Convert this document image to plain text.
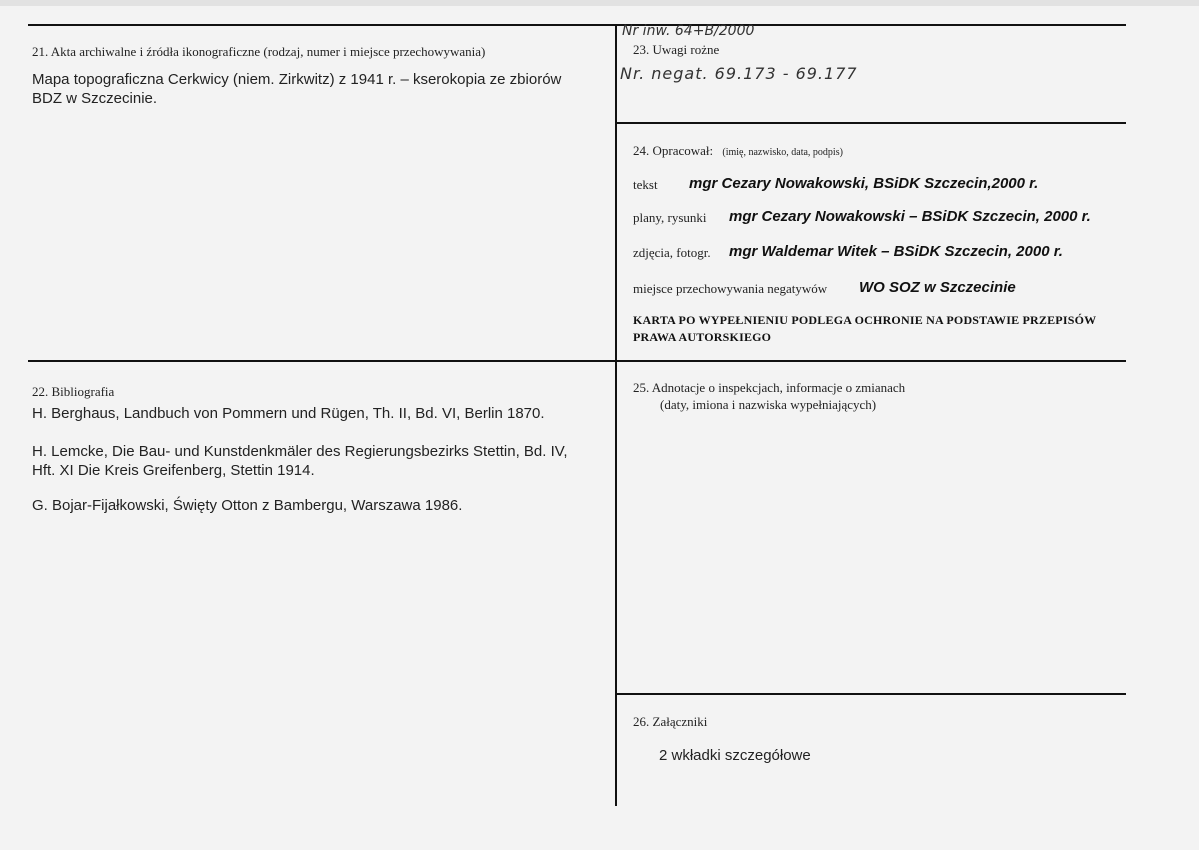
Nr inw. 64+B/2000
21. Akta archiwalne i źródła ikonograficzne (rodzaj, numer i miejsce przechowywania)
Mapa topograficzna Cerkwicy (niem. Zirkwitz) z 1941 r. – kserokopia ze zbiorów
BDZ w Szczecinie.
23. Uwagi rożne
Nr. negat. 69.173 - 69.177
24. Opracował: (imię, nazwisko, data, podpis)
tekst mgr Cezary Nowakowski, BSiDK Szczecin,2000 r.
plany, rysunki mgr Cezary Nowakowski – BSiDK Szczecin, 2000 r.
zdjęcia, fotogr. mgr Waldemar Witek – BSiDK Szczecin, 2000 r.
miejsce przechowywania negatywów WO SOZ w Szczecinie
KARTA PO WYPEŁNIENIU PODLEGA OCHRONIE NA PODSTAWIE PRZEPISÓW
PRAWA AUTORSKIEGO
22. Bibliografia
H. Berghaus, Landbuch von Pommern und Rügen, Th. II, Bd. VI, Berlin 1870.
H. Lemcke, Die Bau- und Kunstdenkmäler des Regierungsbezirks Stettin, Bd. IV,
Hft. XI Die Kreis Greifenberg, Stettin 1914.
G. Bojar-Fijałkowski, Święty Otton z Bambergu, Warszawa 1986.
25. Adnotacje o inspekcjach, informacje o zmianach
(daty, imiona i nazwiska wypełniających)
26. Załączniki
2 wkładki szczegółowe
